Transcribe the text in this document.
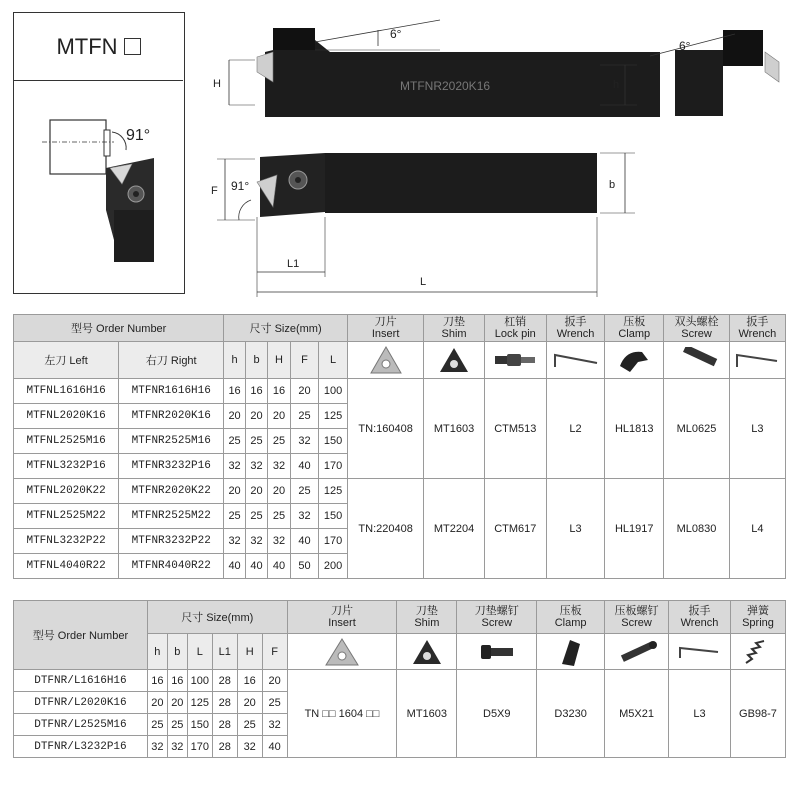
MTFN
91°
MTFNR2020K16
6°
H
6°
h
F 91°	b
L1
L
型号 Order Number		尺寸 Size(mm)					刀片
Insert	刀垫
Shim	杠销
Lock pin	扳手
Wrench	压板
Clamp	双头螺栓
Screw	扳手
Wrench
左刀 Left	右刀 Right	h	b	H	F	L	

MTFNL1616H16	MTFNR1616H16	16	16	16	20	100	TN:160408	MT1603	CTM513	L2	HL1813	ML0625	L3
MTFNL2020K16	MTFNR2020K16	20	20	20	25	125							
MTFNL2525M16	MTFNR2525M16	25	25	25	32	150							
MTFNL3232P16	MTFNR3232P16	32	32	32	40	170							
MTFNL2020K22	MTFNR2020K22	20	20	20	25	125	TN:220408	MT2204	CTM617	L3	HL1917	ML0830	L4
MTFNL2525M22	MTFNR2525M22	25	25	25	32	150							
MTFNL3232P22	MTFNR3232P22	32	32	32	40	170							
MTFNL4040R22	MTFNR4040R22	40	40	40	50	200							
型号 Order Number	尺寸 Size(mm)						刀片
Insert	刀垫
Shim	刀垫螺钉
Screw	压板
Clamp	压板螺钉
Screw	扳手
Wrench	弹簧
Spring
	h	b	L	L1	H	F	

DTFNR/L1616H16	16	16	100	28	16	20	TN □□ 1604 □□	MT1603	D5X9	D3230	M5X21	L3	GB98-7
DTFNR/L2020K16	20	20	125	28	20	25							
DTFNR/L2525M16	25	25	150	28	25	32							
DTFNR/L3232P16	32	32	170	28	32	40							
